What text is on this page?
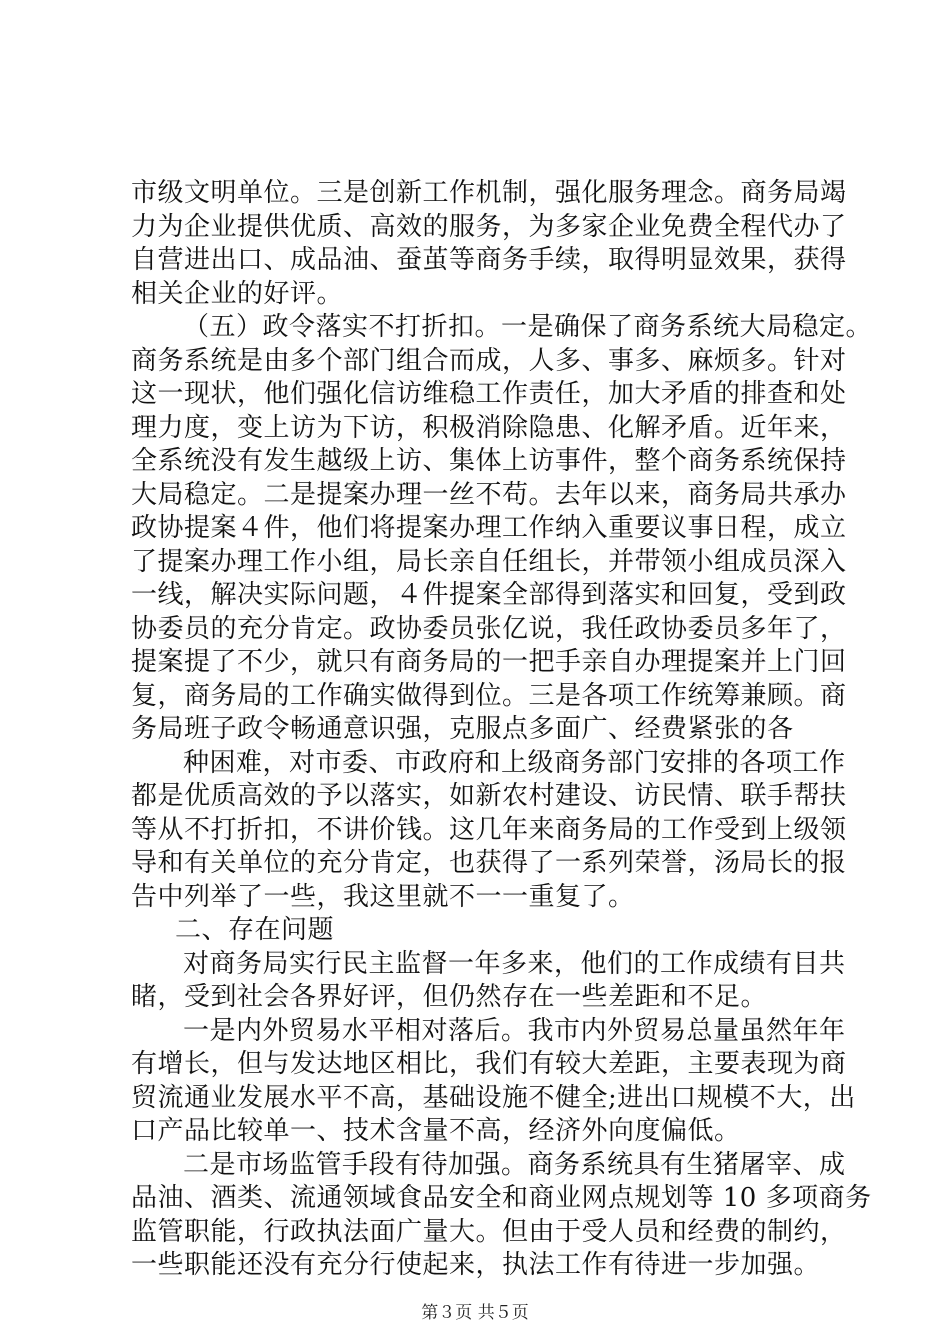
市级文明单位。三是创新工作机制，强化服务理念。商务局竭
力为企业提供优质、高效的服务，为多家企业免费全程代办了
自营进出口、成品油、蚕茧等商务手续，取得明显效果，获得
相关企业的好评。
（五）政令落实不打折扣。一是确保了商务系统大局稳定。
商务系统是由多个部门组合而成，人多、事多、麻烦多。针对
这一现状，他们强化信访维稳工作责任，加大矛盾的排查和处
理力度，变上访为下访，积极消除隐患、化解矛盾。近年来，
全系统没有发生越级上访、集体上访事件，整个商务系统保持
大局稳定。二是提案办理一丝不苟。去年以来，商务局共承办
政协提案４件，他们将提案办理工作纳入重要议事日程，成立
了提案办理工作小组，局长亲自任组长，并带领小组成员深入
一线，解决实际问题，４件提案全部得到落实和回复，受到政
协委员的充分肯定。政协委员张亿说，我任政协委员多年了，
提案提了不少，就只有商务局的一把手亲自办理提案并上门回
复，商务局的工作确实做得到位。三是各项工作统筹兼顾。商
务局班子政令畅通意识强，克服点多面广、经费紧张的各
种困难，对市委、市政府和上级商务部门安排的各项工作
都是优质高效的予以落实，如新农村建设、访民情、联手帮扶
等从不打折扣，不讲价钱。这几年来商务局的工作受到上级领
导和有关单位的充分肯定，也获得了一系列荣誉，汤局长的报
告中列举了一些，我这里就不一一重复了。
二、存在问题
对商务局实行民主监督一年多来，他们的工作成绩有目共
睹，受到社会各界好评，但仍然存在一些差距和不足。
一是内外贸易水平相对落后。我市内外贸易总量虽然年年
有增长，但与发达地区相比，我们有较大差距，主要表现为商
贸流通业发展水平不高，基础设施不健全;进出口规模不大，出
口产品比较单一、技术含量不高，经济外向度偏低。
二是市场监管手段有待加强。商务系统具有生猪屠宰、成
品油、酒类、流通领域食品安全和商业网点规划等 10 多项商务
监管职能，行政执法面广量大。但由于受人员和经费的制约，
一些职能还没有充分行使起来，执法工作有待进一步加强。
第３页 共５页
